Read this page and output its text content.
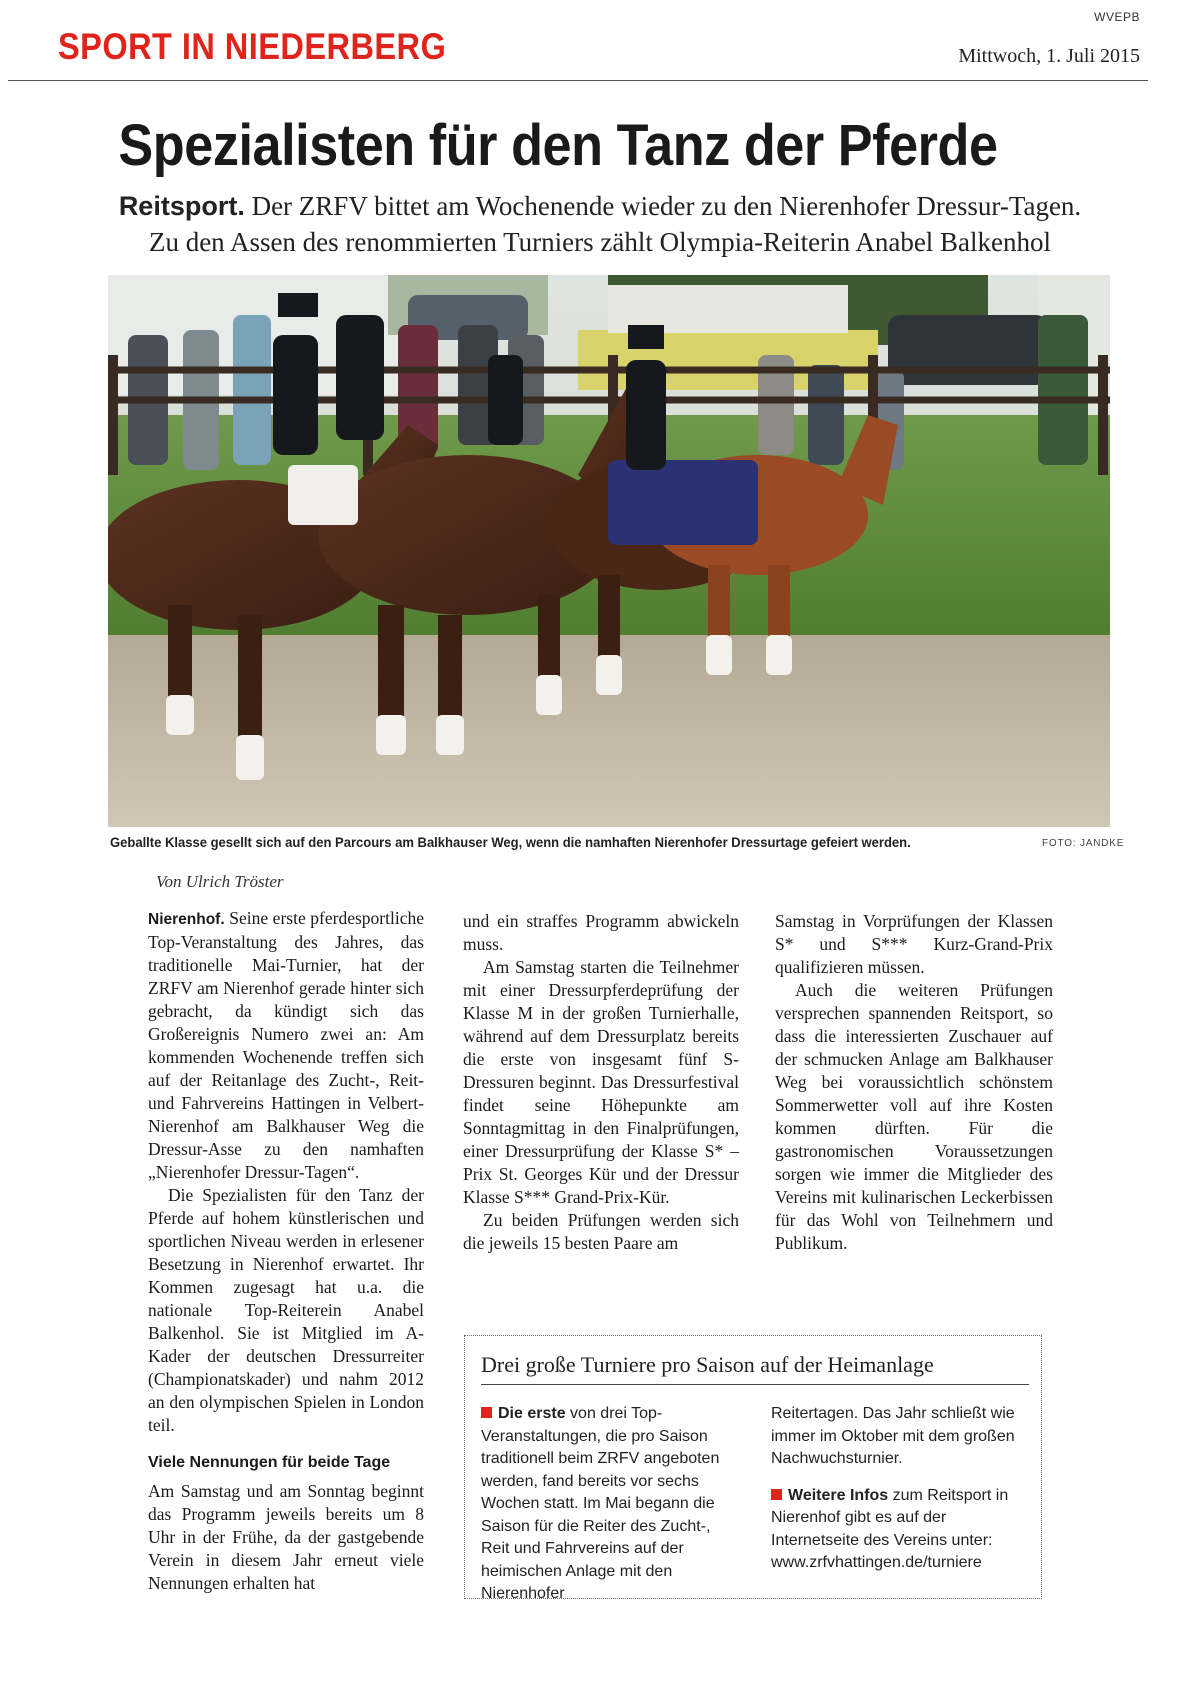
WVEPB
SPORT IN NIEDERBERG	Mittwoch, 1. Juli 2015
Spezialisten für den Tanz der Pferde
Reitsport. Der ZRFV bittet am Wochenende wieder zu den Nierenhofer Dressur-Tagen.
Zu den Assen des renommierten Turniers zählt Olympia-Reiterin Anabel Balkenhol
Geballte Klasse gesellt sich auf den Parcours am Balkhauser Weg, wenn die namhaften Nierenhofer Dressurtage gefeiert werden.	FOTO: JANDKE
Von Ulrich Tröster

Nierenhof. Seine erste pferdesportliche Top-Veranstaltung des Jahres, das traditionelle Mai-Turnier, hat der ZRFV am Nierenhof gerade hinter sich gebracht, da kündigt sich das Großereignis Numero zwei an: Am kommenden Wochenende treffen sich auf der Reitanlage des Zucht-, Reit- und Fahrvereins Hattingen in Velbert-Nierenhof am Balkhauser Weg die Dressur-Asse zu den namhaften „Nierenhofer Dressur-Tagen“.

Die Spezialisten für den Tanz der Pferde auf hohem künstlerischen und sportlichen Niveau werden in erlesener Besetzung in Nierenhof erwartet. Ihr Kommen zugesagt hat u.a. die nationale Top-Reiterein Anabel Balkenhol. Sie ist Mitglied im A-Kader der deutschen Dressurreiter (Championatskader) und nahm 2012 an den olympischen Spielen in London teil.

Viele Nennungen für beide Tage

Am Samstag und am Sonntag beginnt das Programm jeweils bereits um 8 Uhr in der Frühe, da der gastgebende Verein in diesem Jahr erneut viele Nennungen erhalten hat

und ein straffes Programm abwickeln muss.

Am Samstag starten die Teilnehmer mit einer Dressurpferdeprüfung der Klasse M in der großen Turnierhalle, während auf dem Dressurplatz bereits die erste von insgesamt fünf S-Dressuren beginnt. Das Dressurfestival findet seine Höhepunkte am Sonntagmittag in den Finalprüfungen, einer Dressurprüfung der Klasse S* – Prix St. Georges Kür und der Dressur Klasse S*** Grand-Prix-Kür.

Zu beiden Prüfungen werden sich die jeweils 15 besten Paare am

Samstag in Vorprüfungen der Klassen S* und S*** Kurz-Grand-Prix qualifizieren müssen.

Auch die weiteren Prüfungen versprechen spannenden Reitsport, so dass die interessierten Zuschauer auf der schmucken Anlage am Balkhauser Weg bei voraussichtlich schönstem Sommerwetter voll auf ihre Kosten kommen dürften. Für die gastronomischen Voraussetzungen sorgen wie immer die Mitglieder des Vereins mit kulinarischen Leckerbissen für das Wohl von Teilnehmern und Publikum.

Drei große Turniere pro Saison auf der Heimanlage

Die erste von drei Top-Veranstaltungen, die pro Saison traditionell beim ZRFV angeboten werden, fand bereits vor sechs Wochen statt. Im Mai begann die Saison für die Reiter des Zucht-, Reit und Fahrvereins auf der heimischen Anlage mit den Nierenhofer

Reitertagen. Das Jahr schließt wie immer im Oktober mit dem großen Nachwuchsturnier.

Weitere Infos zum Reitsport in Nierenhof gibt es auf der Internetseite des Vereins unter:
www.zrfvhattingen.de/turniere
